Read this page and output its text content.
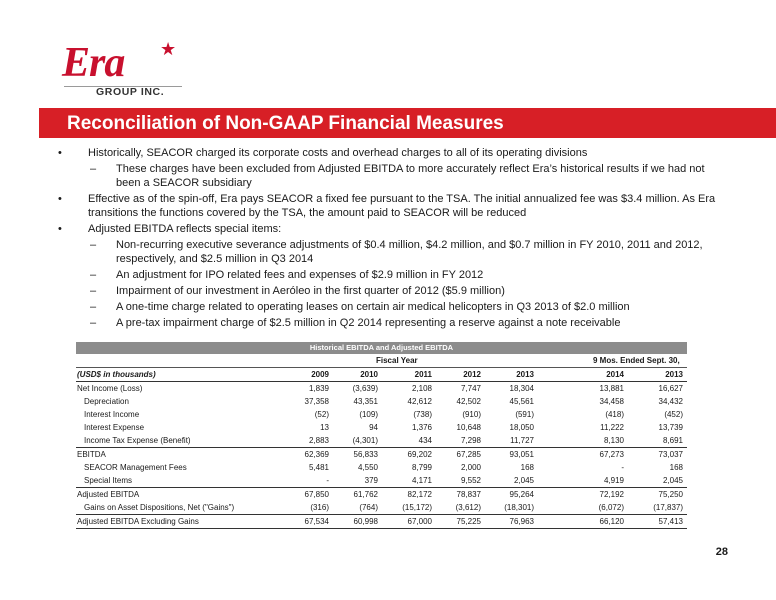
Era ★
GROUP INC.
Reconciliation of Non-GAAP Financial Measures
• Historically, SEACOR charged its corporate costs and overhead charges to all of its operating divisions
– These charges have been excluded from Adjusted EBITDA to more accurately reflect Era’s historical results if we had not been a SEACOR subsidiary
• Effective as of the spin-off, Era pays SEACOR a fixed fee pursuant to the TSA. The initial annualized fee was $3.4 million. As Era transitions the functions covered by the TSA, the amount paid to SEACOR will be reduced
• Adjusted EBITDA reflects special items:
– Non-recurring executive severance adjustments of $0.4 million, $4.2 million, and $0.7 million in FY 2010, 2011 and 2012, respectively, and $2.5 million in Q3 2014
– An adjustment for IPO related fees and expenses of $2.9 million in FY 2012
– Impairment of our investment in Aeróleo in the first quarter of 2012 ($5.9 million)
– A one-time charge related to operating leases on certain air medical helicopters in Q3 2013 of $2.0 million
– A pre-tax impairment charge of $2.5 million in Q2 2014 representing a reserve against a note receivable
Historical EBITDA and Adjusted EBITDA
Fiscal Year	9 Mos. Ended Sept. 30,
(USD$ in thousands)	2009	2010	2011	2012	2013	2014	2013
Net Income (Loss)	1,839	(3,639)	2,108	7,747	18,304	13,881	16,627
Depreciation	37,358	43,351	42,612	42,502	45,561	34,458	34,432
Interest Income	(52)	(109)	(738)	(910)	(591)	(418)	(452)
Interest Expense	13	94	1,376	10,648	18,050	11,222	13,739
Income Tax Expense (Benefit)	2,883	(4,301)	434	7,298	11,727	8,130	8,691
EBITDA	62,369	56,833	69,202	67,285	93,051	67,273	73,037
SEACOR Management Fees	5,481	4,550	8,799	2,000	168	-	168
Special Items	-	379	4,171	9,552	2,045	4,919	2,045
Adjusted EBITDA	67,850	61,762	82,172	78,837	95,264	72,192	75,250
Gains on Asset Dispositions, Net ("Gains")	(316)	(764)	(15,172)	(3,612)	(18,301)	(6,072)	(17,837)
Adjusted EBITDA Excluding Gains	67,534	60,998	67,000	75,225	76,963	66,120	57,413
28
